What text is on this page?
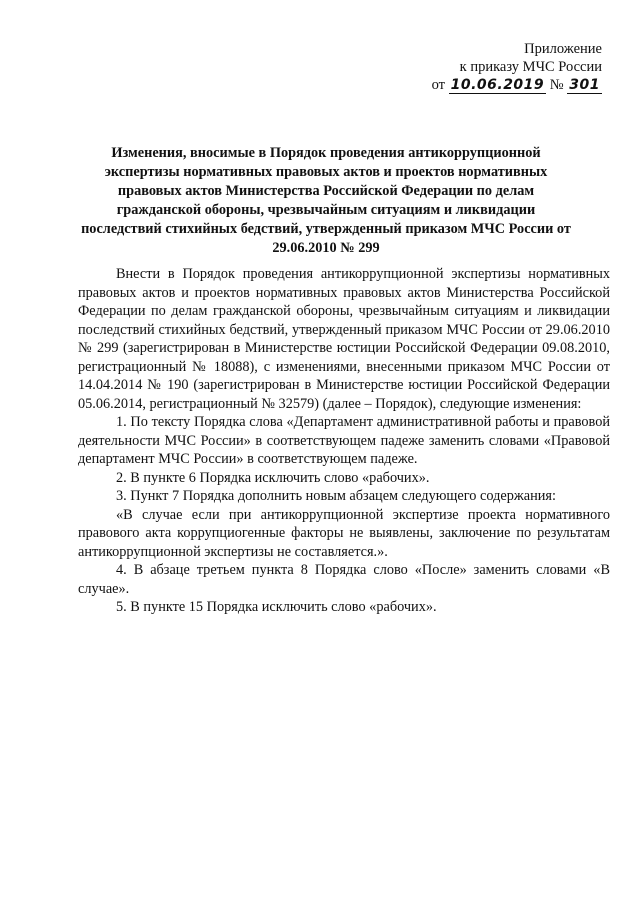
Приложение
к приказу МЧС России
от 10.06.2019 № 301
Изменения, вносимые в Порядок проведения антикоррупционной экспертизы нормативных правовых актов и проектов нормативных правовых актов Министерства Российской Федерации по делам гражданской обороны, чрезвычайным ситуациям и ликвидации последствий стихийных бедствий, утвержденный приказом МЧС России от 29.06.2010 № 299

Внести в Порядок проведения антикоррупционной экспертизы нормативных правовых актов и проектов нормативных правовых актов Министерства Российской Федерации по делам гражданской обороны, чрезвычайным ситуациям и ликвидации последствий стихийных бедствий, утвержденный приказом МЧС России от 29.06.2010 № 299 (зарегистрирован в Министерстве юстиции Российской Федерации 09.08.2010, регистрационный № 18088), с изменениями, внесенными приказом МЧС России от 14.04.2014 № 190 (зарегистрирован в Министерстве юстиции Российской Федерации 05.06.2014, регистрационный № 32579) (далее – Порядок), следующие изменения:

1. По тексту Порядка слова «Департамент административной работы и правовой деятельности МЧС России» в соответствующем падеже заменить словами «Правовой департамент МЧС России» в соответствующем падеже.

2. В пункте 6 Порядка исключить слово «рабочих».

3. Пункт 7 Порядка дополнить новым абзацем следующего содержания:

«В случае если при антикоррупционной экспертизе проекта нормативного правового акта коррупциогенные факторы не выявлены, заключение по результатам антикоррупционной экспертизы не составляется.».

4. В абзаце третьем пункта 8 Порядка слово «После» заменить словами «В случае».

5. В пункте 15 Порядка исключить слово «рабочих».
